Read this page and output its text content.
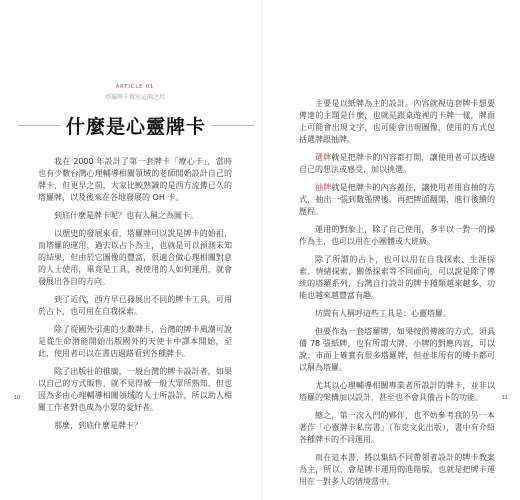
ARTICLE 01
塔羅牌卡教室這兩之后
什麼是心靈牌卡

我在 2000 年設計了第一套牌卡「療心卡」，當時也有少數台灣心理輔導相關領域的老師開始設計自己的牌卡，但更早之前，大家比較熟識的是西方流傳已久的塔羅牌，以及後來在各地發展的 OH 卡。

到底什麼是牌卡呢？也有人稱之為圖卡。

以歷史的發展來看，塔羅牌可以說是牌卡的始祖，而塔羅的運用，過去以占卜為主，也就是可以預測未知的結果，但由於它圖像的豐富，很適合做心理相關對意的人士使用，畢竟是工具，視使用的人如何運用，就會發展出各自的方向。

到了近代，西方早已發展出不同的牌卡工具，可用於占卜，也可用在自我探索。

除了從國外引進的少數牌卡，台灣的牌卡風潮可說是從生命潛能開始出版國外的天使卡中譯本開始，至此，使用者可以在書店過路看到各種牌卡。

除了出版社的推廣，一般台灣的牌卡設計者，如果以自己的方式販售，就不見得被一般大眾所熟知，但也因為多由心理輔導相關領域的人士所設計，所以助人相關工作者對也成為小眾的愛好者。

那麼，到底什麼是牌卡？

10

主要是以紙牌為主的設計。內容就視這套牌卡想要傳達的主題是什麼，也就是跟桌遊裡的卡牌一樣，牌面上可能會出現文字，也可能會出現圖像，使用的方式包括選牌跟抽牌。

選牌就是把牌卡的內容都打開，讓使用者可以透過自己的想法或感受，加以挑選。

抽牌就是把牌卡的內容蓋住，讓使用者用盲抽的方式，抽出一張到數張牌後，再把牌面翻開，進行後續的歷程。

運用的對象上，除了自己使用，多半以一對一的操作為主，也可以用在小團體或大班級。

除了所謂的占卜，也可以用在自我探索、生涯探索、情緒探索、關係探索等不同面向，可以說是除了傳統的塔羅系列，台灣自行設計的牌卡種類越來越多，功能也越來越豐富有趣。

坊間有人稱呼這些工具是：心靈塔羅。

但要作為一套塔羅牌，如果按照傳統的方式，須具備 78 張紙牌，也有所謂大牌、小牌的對應內容，可以說：市面上確實有很多塔羅牌，但並非所有的牌卡都可以稱為塔羅。

尤其以心理輔導相關專業者所設計的牌卡，並非以塔羅的架構加以設計，甚至也不會具備占卜的功能。

總之，第一次入門的夥伴，也不妨參考我的另一本著作「心靈牌卡私房書」（布克文化出版），書中有介紹各種牌卡的不同運用。

而在這本書，將以集結不同帶領者設計的牌卡教案為主，所以，會是牌卡運用的進階版，也就是把牌卡運用在一對多人的情境當中。

11
